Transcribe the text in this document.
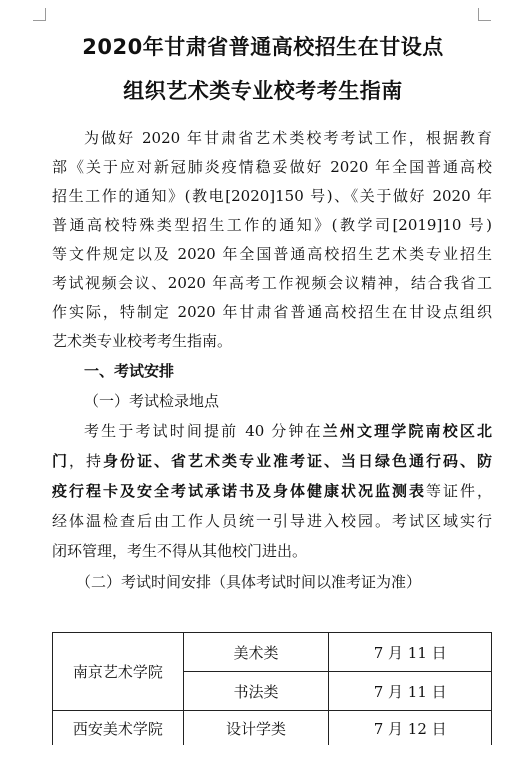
2020年甘肃省普通高校招生在甘设点
组织艺术类专业校考考生指南
为做好 2020 年甘肃省艺术类校考考试工作，根据教育
部《关于应对新冠肺炎疫情稳妥做好 2020 年全国普通高校
招生工作的通知》(教电[2020]150 号)、《关于做好 2020 年
普通高校特殊类型招生工作的通知》(教学司[2019]10 号)
等文件规定以及 2020 年全国普通高校招生艺术类专业招生
考试视频会议、2020 年高考工作视频会议精神，结合我省工
作实际，特制定 2020 年甘肃省普通高校招生在甘设点组织
艺术类专业校考考生指南。
一、考试安排
（一）考试检录地点
考生于考试时间提前 40 分钟在兰州文理学院南校区北
门，持身份证、省艺术类专业准考证、当日绿色通行码、防
疫行程卡及安全考试承诺书及身体健康状况监测表等证件，
经体温检查后由工作人员统一引导进入校园。考试区域实行
闭环管理，考生不得从其他校门进出。
（二）考试时间安排（具体考试时间以准考证为准）
南京艺术学院	美术类	7 月 11 日
	书法类	7 月 11 日
西安美术学院	设计学类	7 月 12 日
